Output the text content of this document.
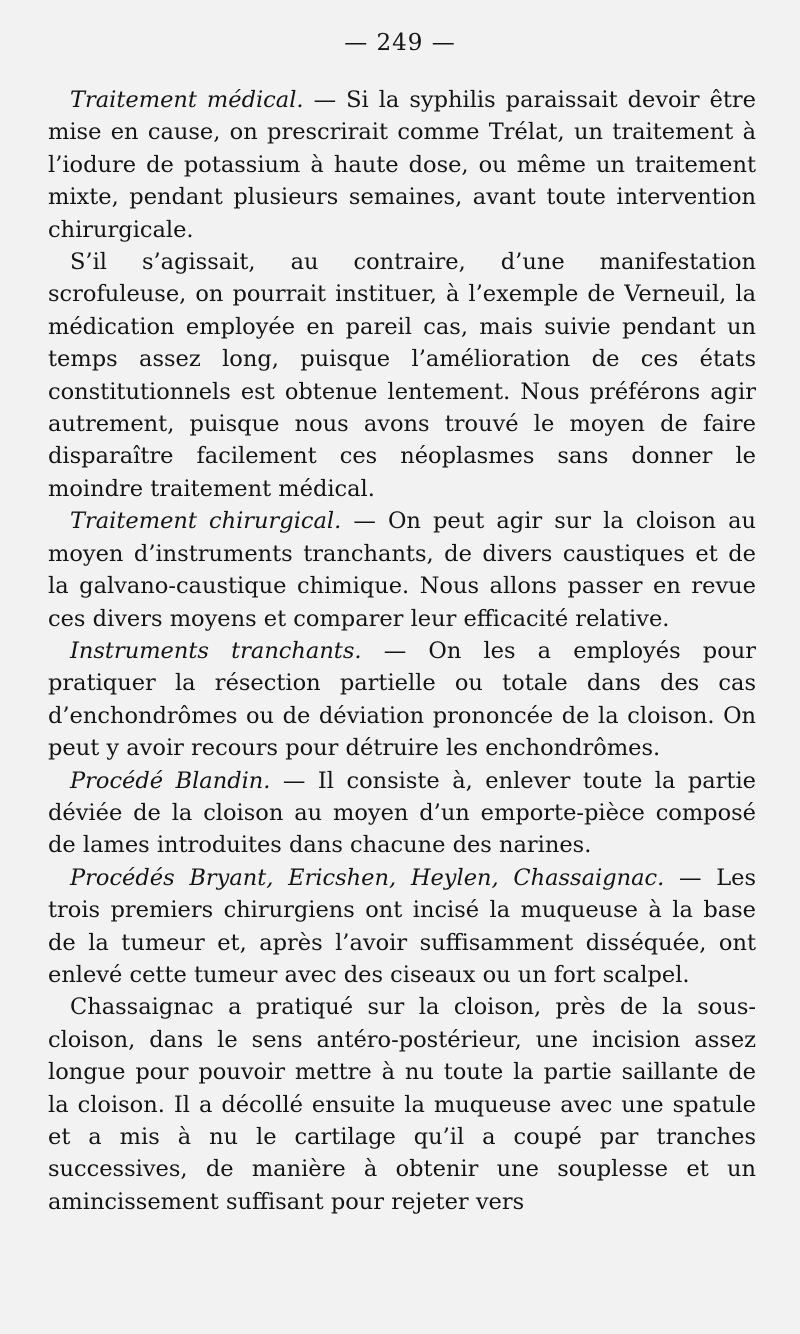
— 249 —

Traitement médical. — Si la syphilis paraissait devoir être mise en cause, on prescrirait comme Trélat, un traitement à l’iodure de potassium à haute dose, ou même un traitement mixte, pendant plusieurs semaines, avant toute intervention chirurgicale.

S’il s’agissait, au contraire, d’une manifestation scrofuleuse, on pourrait instituer, à l’exemple de Verneuil, la médication employée en pareil cas, mais suivie pendant un temps assez long, puisque l’amélioration de ces états constitutionnels est obtenue lentement. Nous préférons agir autrement, puisque nous avons trouvé le moyen de faire disparaître facilement ces néoplasmes sans donner le moindre traitement médical.

Traitement chirurgical. — On peut agir sur la cloison au moyen d’instruments tranchants, de divers caustiques et de la galvano-caustique chimique. Nous allons passer en revue ces divers moyens et comparer leur efficacité relative.

Instruments tranchants. — On les a employés pour pratiquer la résection partielle ou totale dans des cas d’enchondrômes ou de déviation prononcée de la cloison. On peut y avoir recours pour détruire les enchondrômes.

Procédé Blandin. — Il consiste à, enlever toute la partie déviée de la cloison au moyen d’un emporte-pièce composé de lames introduites dans chacune des narines.

Procédés Bryant, Ericshen, Heylen, Chassaignac. — Les trois premiers chirurgiens ont incisé la muqueuse à la base de la tumeur et, après l’avoir suffisamment disséquée, ont enlevé cette tumeur avec des ciseaux ou un fort scalpel.

Chassaignac a pratiqué sur la cloison, près de la sous-cloison, dans le sens antéro-postérieur, une incision assez longue pour pouvoir mettre à nu toute la partie saillante de la cloison. Il a décollé ensuite la muqueuse avec une spatule et a mis à nu le cartilage qu’il a coupé par tranches successives, de manière à obtenir une souplesse et un amincissement suffisant pour rejeter vers
